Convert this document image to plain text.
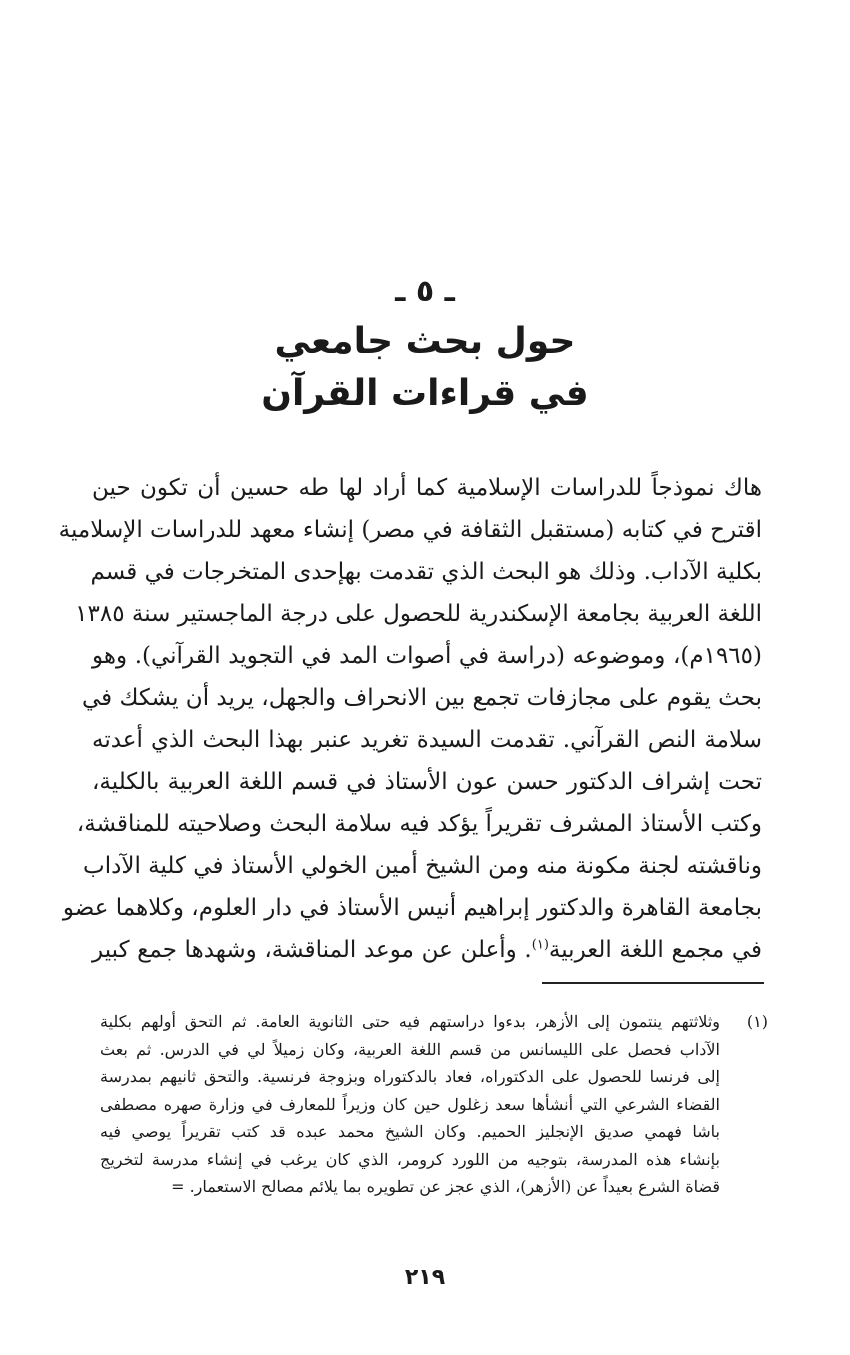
ـ ٥ ـ
حول بحث جامعي
في قراءات القرآن
هاك نموذجاً للدراسات الإسلامية كما أراد لها طه حسين أن تكون حين
اقترح في كتابه (مستقبل الثقافة في مصر) إنشاء معهد للدراسات الإسلامية
بكلية الآداب. وذلك هو البحث الذي تقدمت بهإحدى المتخرجات في قسم
اللغة العربية بجامعة الإسكندرية للحصول على درجة الماجستير سنة ١٣٨٥
(١٩٦٥م)، وموضوعه (دراسة في أصوات المد في التجويد القرآني). وهو
بحث يقوم على مجازفات تجمع بين الانحراف والجهل، يريد أن يشكك في
سلامة النص القرآني. تقدمت السيدة تغريد عنبر بهذا البحث الذي أعدته
تحت إشراف الدكتور حسن عون الأستاذ في قسم اللغة العربية بالكلية،
وكتب الأستاذ المشرف تقريراً يؤكد فيه سلامة البحث وصلاحيته للمناقشة،
وناقشته لجنة مكونة منه ومن الشيخ أمين الخولي الأستاذ في كلية الآداب
بجامعة القاهرة والدكتور إبراهيم أنيس الأستاذ في دار العلوم، وكلاهما عضو
في مجمع اللغة العربية$^{(١)}$. وأعلن عن موعد المناقشة، وشهدها جمع كبير
(١)
وثلاثتهم ينتمون إلى الأزهر، بدءوا دراستهم فيه حتى الثانوية العامة. ثم التحق أولهم بكلية
الآداب فحصل على الليسانس من قسم اللغة العربية، وكان زميلاً لي في الدرس. ثم بعث
إلى فرنسا للحصول على الدكتوراه، فعاد بالدكتوراه وبزوجة فرنسية. والتحق ثانيهم بمدرسة
القضاء الشرعي التي أنشأها سعد زغلول حين كان وزيراً للمعارف في وزارة صهره مصطفى
باشا فهمي صديق الإنجليز الحميم. وكان الشيخ محمد عبده قد كتب تقريراً يوصي فيه
بإنشاء هذه المدرسة، بتوجيه من اللورد كرومر، الذي كان يرغب في إنشاء مدرسة لتخريج
قضاة الشرع بعيداً عن (الأزهر)، الذي عجز عن تطويره بما يلائم مصالح الاستعمار. =
٢١٩
